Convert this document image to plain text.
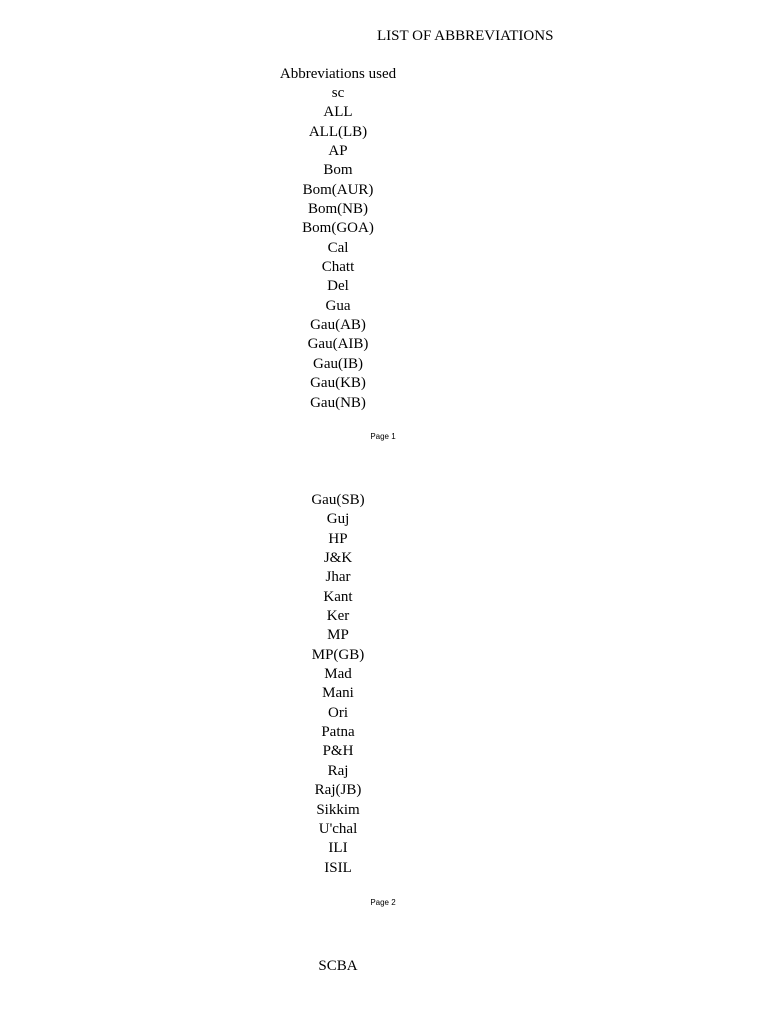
LIST OF ABBREVIATIONS
Abbreviations used
sc
ALL
ALL(LB)
AP
Bom
Bom(AUR)
Bom(NB)
Bom(GOA)
Cal
Chatt
Del
Gua
Gau(AB)
Gau(AIB)
Gau(IB)
Gau(KB)
Gau(NB)
Page 1
Gau(SB)
Guj
HP
J&K
Jhar
Kant
Ker
MP
MP(GB)
Mad
Mani
Ori
Patna
P&H
Raj
Raj(JB)
Sikkim
U'chal
ILI
ISIL
Page 2
SCBA
